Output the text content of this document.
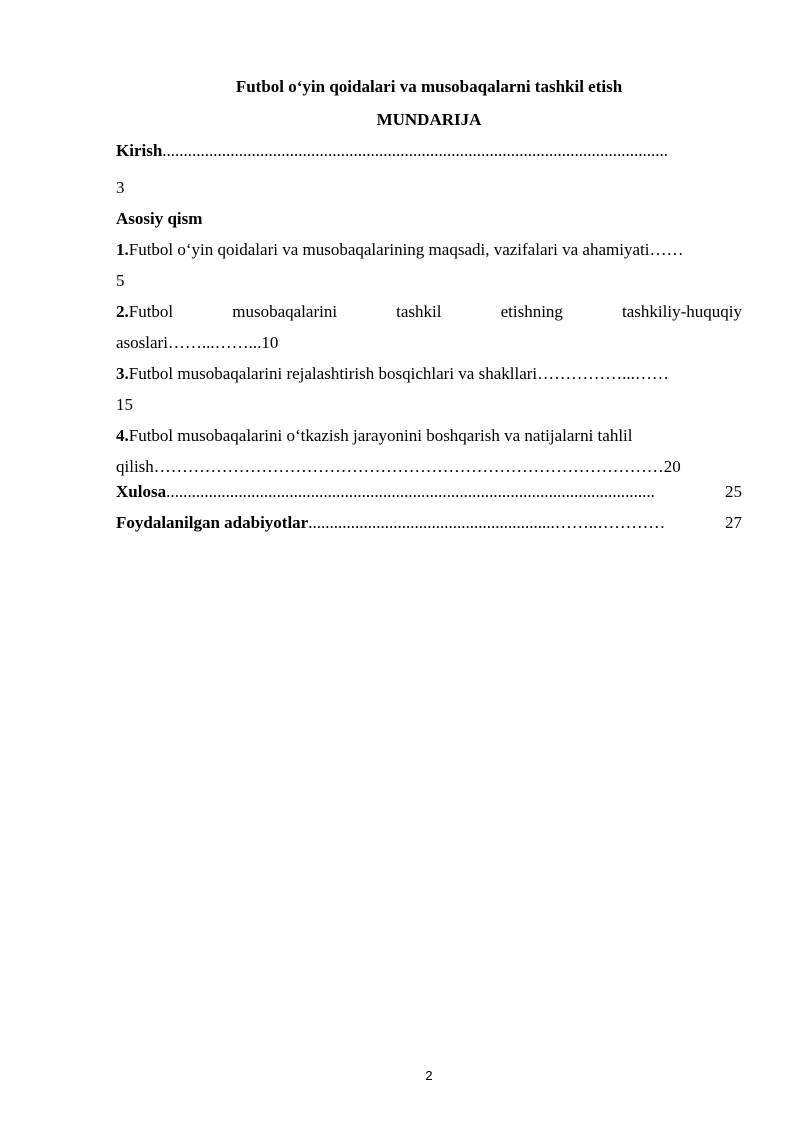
Futbol o‘yin qoidalari va musobaqalarni tashkil etish
MUNDARIJA
Kirish .......................................................................................................................
3
Asosiy qism
1.Futbol o‘yin qoidalari va musobaqalarining maqsadi, vazifalari va ahamiyati……
5
2.Futbol	musobaqalarini	tashkil	etishning	tashkiliy-huquqiy
asoslari……...……...10
3.Futbol musobaqalarini rejalashtirish bosqichlari va shakllari……………...……
15
4.Futbol musobaqalarini o‘tkazish jarayonini boshqarish va natijalarni tahlil
qilish………………………………………………………………………………20
Xulosa ...................................................................................................................	25
Foydalanilgan adabiyotlar ..........................................................……..…………	27
2
